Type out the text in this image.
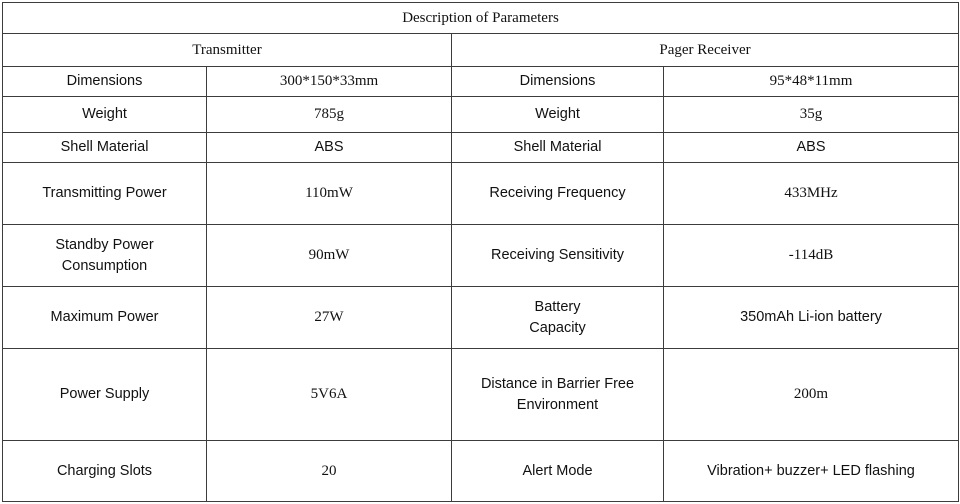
Description of Parameters			
Transmitter		Pager Receiver	

Dimensions	300*150*33mm	Dimensions	95*48*11mm

Weight	785g	Weight	35g

Shell Material	ABS	Shell Material	ABS

Transmitting Power	110mW	Receiving Frequency	433MHz

Standby Power
Consumption	90mW	Receiving Sensitivity	-114dB

Maximum Power	27W	Battery
Capacity	350mAh Li-ion battery

Power Supply	5V6A	Distance in Barrier Free
Environment	200m

Charging Slots	20	Alert Mode	Vibration+ buzzer+ LED flashing
